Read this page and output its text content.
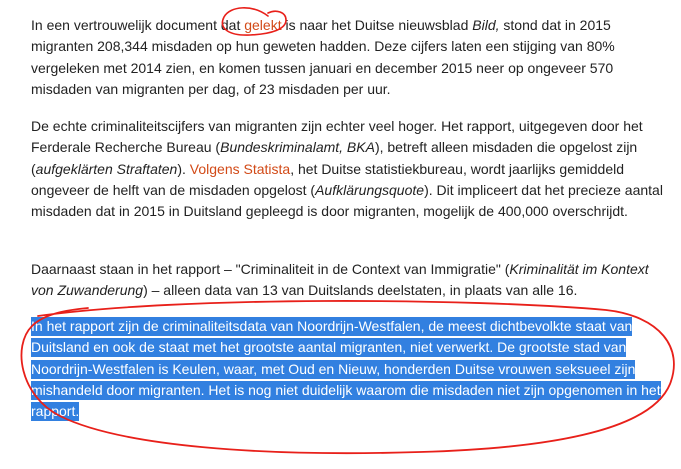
In een vertrouwelijk document dat gelekt is naar het Duitse nieuwsblad Bild, stond dat in 2015 migranten 208,344 misdaden op hun geweten hadden. Deze cijfers laten een stijging van 80% vergeleken met 2014 zien, en komen tussen januari en december 2015 neer op ongeveer 570 misdaden van migranten per dag, of 23 misdaden per uur.

De echte criminaliteitscijfers van migranten zijn echter veel hoger. Het rapport, uitgegeven door het Ferderale Recherche Bureau (Bundeskriminalamt, BKA), betreft alleen misdaden die opgelost zijn (aufgeklärten Straftaten). Volgens Statista, het Duitse statistiekbureau, wordt jaarlijks gemiddeld ongeveer de helft van de misdaden opgelost (Aufklärungsquote). Dit impliceert dat het precieze aantal misdaden dat in 2015 in Duitsland gepleegd is door migranten, mogelijk de 400,000 overschrijdt.

Daarnaast staan in het rapport – "Criminaliteit in de Context van Immigratie" (Kriminalität im Kontext von Zuwanderung) – alleen data van 13 van Duitslands deelstaten, in plaats van alle 16.

In het rapport zijn de criminaliteitsdata van Noordrijn-Westfalen, de meest dichtbevolkte staat van Duitsland en ook de staat met het grootste aantal migranten, niet verwerkt. De grootste stad van Noordrijn-Westfalen is Keulen, waar, met Oud en Nieuw, honderden Duitse vrouwen seksueel zijn mishandeld door migranten. Het is nog niet duidelijk waarom die misdaden niet zijn opgenomen in het rapport.
